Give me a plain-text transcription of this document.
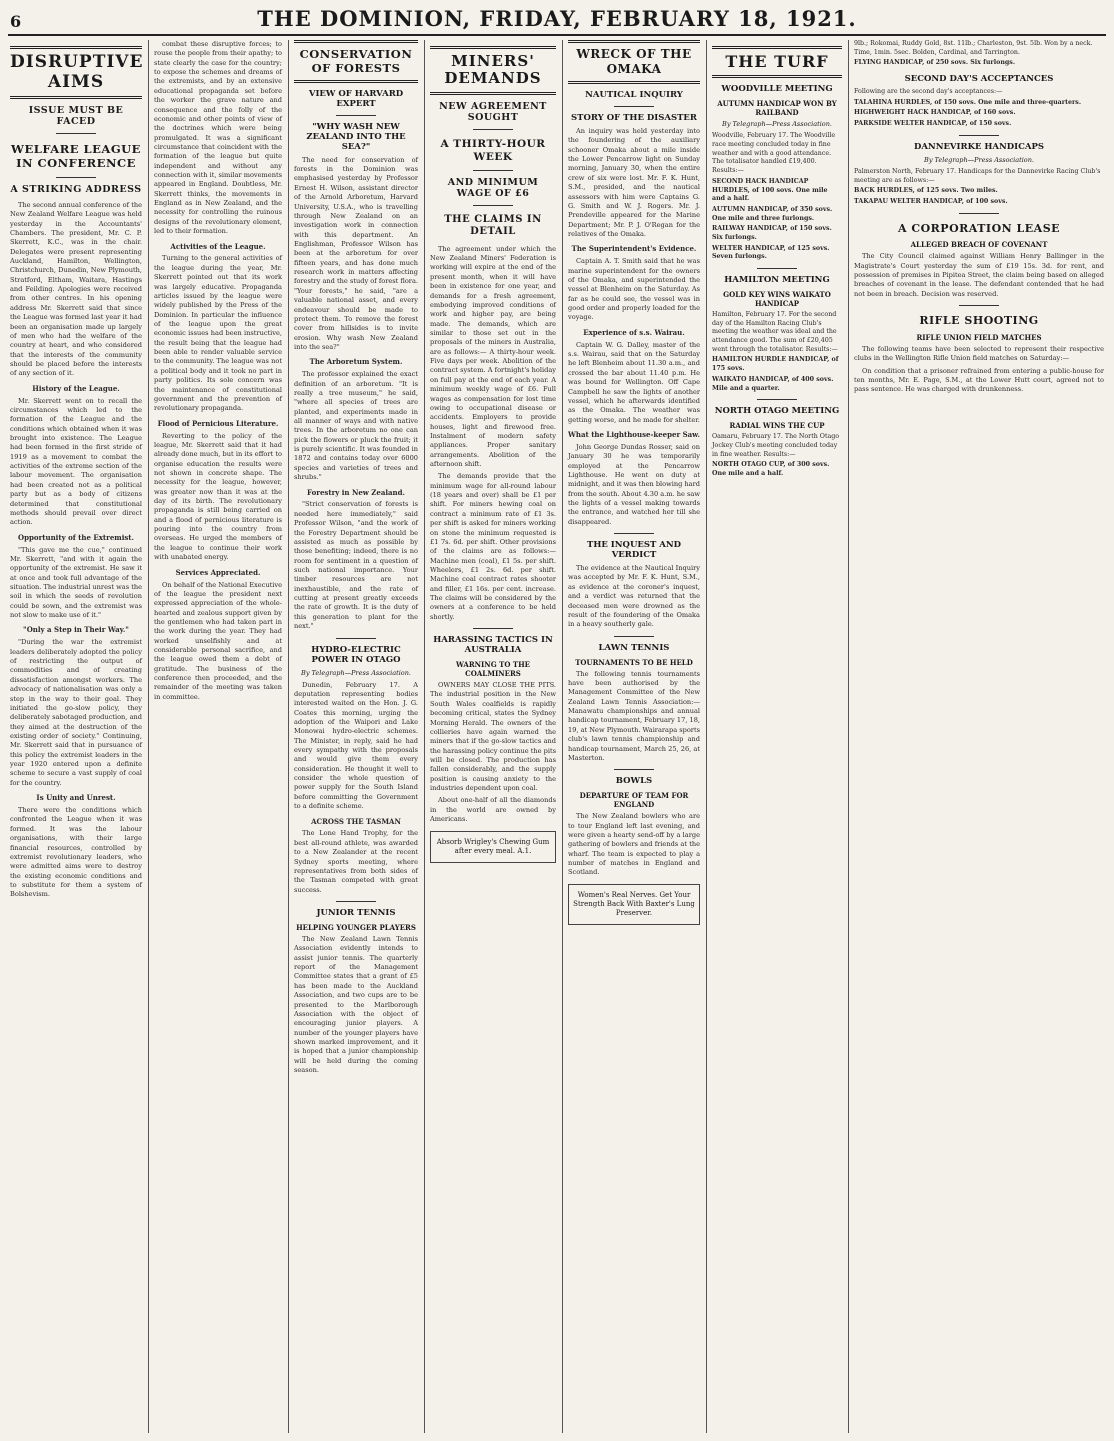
6	THE DOMINION, FRIDAY, FEBRUARY 18, 1921.
DISRUPTIVE AIMS
ISSUE MUST BE FACED
WELFARE LEAGUE IN CONFERENCE
A STRIKING ADDRESS

The second annual conference of the New Zealand Welfare League was held yesterday in the Accountants' Chambers. The president, Mr. C. P. Skerrett, K.C., was in the chair. Delegates were present representing Auckland, Hamilton, Wellington, Christchurch, Dunedin, New Plymouth, Stratford, Eltham, Waitara, Hastings and Feilding. Apologies were received from other centres. In his opening address Mr. Skerrett said that since the League was formed last year it had been an organisation made up largely of men who had the welfare of the country at heart, and who considered that the interests of the community should be placed before the interests of any section of it.

History of the League.

Mr. Skerrett went on to recall the circumstances which led to the formation of the League and the conditions which obtained when it was brought into existence. The League had been formed in the first stride of 1919 as a movement to combat the activities of the extreme section of the labour movement. The organisation had been created not as a political party but as a body of citizens determined that constitutional methods should prevail over direct action.

Opportunity of the Extremist.

"This gave me the cue," continued Mr. Skerrett, "and with it again the opportunity of the extremist. He saw it at once and took full advantage of the situation. The industrial unrest was the soil in which the seeds of revolution could be sown, and the extremist was not slow to make use of it."

"Only a Step in Their Way."

"During the war the extremist leaders deliberately adopted the policy of restricting the output of commodities and of creating dissatisfaction amongst workers. The advocacy of nationalisation was only a step in the way to their goal. They initiated the go-slow policy, they deliberately sabotaged production, and they aimed at the destruction of the existing order of society." Continuing, Mr. Skerrett said that in pursuance of this policy the extremist leaders in the year 1920 entered upon a definite scheme to secure a vast supply of coal for the country.

Is Unity and Unrest.

There were the conditions which confronted the League when it was formed. It was the labour organisations, with their large financial resources, controlled by extremist revolutionary leaders, who were admitted aims were to destroy the existing economic conditions and to substitute for them a system of Bolshevism.

combat these disruptive forces; to rouse the people from their apathy; to state clearly the case for the country; to expose the schemes and dreams of the extremists, and by an extensive educational propaganda set before the worker the grave nature and consequence and the folly of the economic and other points of view of the doctrines which were being promulgated. It was a significant circumstance that coincident with the formation of the league but quite independent and without any connection with it, similar movements appeared in England. Doubtless, Mr. Skerrett thinks, the movements in England as in New Zealand, and the necessity for controlling the ruinous designs of the revolutionary element, led to their formation.

Activities of the League.

Turning to the general activities of the league during the year, Mr. Skerrett pointed out that its work was largely educative. Propaganda articles issued by the league were widely published by the Press of the Dominion. In particular the influence of the league upon the great economic issues had been instructive, the result being that the league had been able to render valuable service to the community. The league was not a political body and it took no part in party politics. Its sole concern was the maintenance of constitutional government and the prevention of revolutionary propaganda.

Flood of Pernicious Literature.

Reverting to the policy of the league, Mr. Skerrett said that it had already done much, but in its effort to organise education the results were not shown in concrete shape. The necessity for the league, however, was greater now than it was at the day of its birth. The revolutionary propaganda is still being carried on and a flood of pernicious literature is pouring into the country from overseas. He urged the members of the league to continue their work with unabated energy.

Services Appreciated.

On behalf of the National Executive of the league the president next expressed appreciation of the whole-hearted and zealous support given by the gentlemen who had taken part in the work during the year. They had worked unselfishly and at considerable personal sacrifice, and the league owed them a debt of gratitude. The business of the conference then proceeded, and the remainder of the meeting was taken in committee.

CONSERVATION OF FORESTS
VIEW OF HARVARD EXPERT
"WHY WASH NEW ZEALAND INTO THE SEA?"

The need for conservation of forests in the Dominion was emphasised yesterday by Professor Ernest H. Wilson, assistant director of the Arnold Arboretum, Harvard University, U.S.A., who is travelling through New Zealand on an investigation work in connection with this department. An Englishman, Professor Wilson has been at the arboretum for over fifteen years, and has done much research work in matters affecting forestry and the study of forest flora. "Your forests," he said, "are a valuable national asset, and every endeavour should be made to protect them. To remove the forest cover from hillsides is to invite erosion. Why wash New Zealand into the sea?"

The Arboretum System.

The professor explained the exact definition of an arboretum. "It is really a tree museum," he said, "where all species of trees are planted, and experiments made in all manner of ways and with native trees. In the arboretum no one can pick the flowers or pluck the fruit; it is purely scientific. It was founded in 1872 and contains today over 6000 species and varieties of trees and shrubs."

Forestry in New Zealand.

"Strict conservation of forests is needed here immediately," said Professor Wilson, "and the work of the Forestry Department should be assisted as much as possible by those benefiting; indeed, there is no room for sentiment in a question of such national importance. Your timber resources are not inexhaustible, and the rate of cutting at present greatly exceeds the rate of growth. It is the duty of this generation to plant for the next."

HYDRO-ELECTRIC POWER IN OTAGO
By Telegraph—Press Association.

Dunedin, February 17. A deputation representing bodies interested waited on the Hon. J. G. Coates this morning, urging the adoption of the Waipori and Lake Monowai hydro-electric schemes. The Minister, in reply, said he had every sympathy with the proposals and would give them every consideration. He thought it well to consider the whole question of power supply for the South Island before committing the Government to a definite scheme.

ACROSS THE TASMAN

The Lone Hand Trophy, for the best all-round athlete, was awarded to a New Zealander at the recent Sydney sports meeting, where representatives from both sides of the Tasman competed with great success.

JUNIOR TENNIS
HELPING YOUNGER PLAYERS

The New Zealand Lawn Tennis Association evidently intends to assist junior tennis. The quarterly report of the Management Committee states that a grant of £5 has been made to the Auckland Association, and two cups are to be presented to the Marlborough Association with the object of encouraging junior players. A number of the younger players have shown marked improvement, and it is hoped that a junior championship will be held during the coming season.

MINERS' DEMANDS
NEW AGREEMENT SOUGHT
A THIRTY-HOUR WEEK
AND MINIMUM WAGE OF £6
THE CLAIMS IN DETAIL

The agreement under which the New Zealand Miners' Federation is working will expire at the end of the present month, when it will have been in existence for one year, and demands for a fresh agreement, embodying improved conditions of work and higher pay, are being made. The demands, which are similar to those set out in the proposals of the miners in Australia, are as follows:— A thirty-hour week. Five days per week. Abolition of the contract system. A fortnight's holiday on full pay at the end of each year. A minimum weekly wage of £6. Full wages as compensation for lost time owing to occupational disease or accidents. Employers to provide houses, light and firewood free. Instalment of modern safety appliances. Proper sanitary arrangements. Abolition of the afternoon shift.

The demands provide that the minimum wage for all-round labour (18 years and over) shall be £1 per shift. For miners hewing coal on contract a minimum rate of £1 3s. per shift is asked for miners working on stone the minimum requested is £1 7s. 6d. per shift. Other provisions of the claims are as follows:— Machine men (coal), £1 5s. per shift. Wheelers, £1 2s. 6d. per shift. Machine coal contract rates shooter and filler, £1 16s. per cent. increase. The claims will be considered by the owners at a conference to be held shortly.

HARASSING TACTICS IN AUSTRALIA
WARNING TO THE COALMINERS

OWNERS MAY CLOSE THE PITS. The industrial position in the New South Wales coalfields is rapidly becoming critical, states the Sydney Morning Herald. The owners of the collieries have again warned the miners that if the go-slow tactics and the harassing policy continue the pits will be closed. The production has fallen considerably, and the supply position is causing anxiety to the industries dependent upon coal.

About one-half of all the diamonds in the world are owned by Americans.

Absorb Wrigley's Chewing Gum after every meal. A.1.
WRECK OF THE OMAKA
NAUTICAL INQUIRY
STORY OF THE DISASTER

An inquiry was held yesterday into the foundering of the auxiliary schooner Omaka about a mile inside the Lower Pencarrow light on Sunday morning, January 30, when the entire crew of six were lost. Mr. F. K. Hunt, S.M., presided, and the nautical assessors with him were Captains G. G. Smith and W. J. Rogers. Mr. J. Prendeville appeared for the Marine Department; Mr. P. J. O'Regan for the relatives of the Omaka.

The Superintendent's Evidence.

Captain A. T. Smith said that he was marine superintendent for the owners of the Omaka, and superintended the vessel at Blenheim on the Saturday. As far as he could see, the vessel was in good order and properly loaded for the voyage.

Experience of s.s. Wairau.

Captain W. G. Dalley, master of the s.s. Wairau, said that on the Saturday he left Blenheim about 11.30 a.m., and crossed the bar about 11.40 p.m. He was bound for Wellington. Off Cape Campbell he saw the lights of another vessel, which he afterwards identified as the Omaka. The weather was getting worse, and he made for shelter.

What the Lighthouse-keeper Saw.

John George Dundas Rosser, said on January 30 he was temporarily employed at the Pencarrow Lighthouse. He went on duty at midnight, and it was then blowing hard from the south. About 4.30 a.m. he saw the lights of a vessel making towards the entrance, and watched her till she disappeared.

THE INQUEST AND VERDICT

The evidence at the Nautical Inquiry was accepted by Mr. F. K. Hunt, S.M., as evidence at the coroner's inquest, and a verdict was returned that the deceased men were drowned as the result of the foundering of the Omaka in a heavy southerly gale.

LAWN TENNIS
TOURNAMENTS TO BE HELD

The following tennis tournaments have been authorised by the Management Committee of the New Zealand Lawn Tennis Association:—Manawatu championships and annual handicap tournament, February 17, 18, 19, at New Plymouth. Wairarapa sports club's lawn tennis championship and handicap tournament, March 25, 26, at Masterton.

BOWLS
DEPARTURE OF TEAM FOR ENGLAND

The New Zealand bowlers who are to tour England left last evening, and were given a hearty send-off by a large gathering of bowlers and friends at the wharf. The team is expected to play a number of matches in England and Scotland.

Women's Real Nerves. Get Your Strength Back With Baxter's Lung Preserver.
THE TURF
WOODVILLE MEETING
AUTUMN HANDICAP WON BY RAILBAND
By Telegraph—Press Association.

Woodville, February 17. The Woodville race meeting concluded today in fine weather and with a good attendance. The totalisator handled £19,400. Results:—

SECOND HACK HANDICAP HURDLES, of 100 sovs. One mile and a half.

AUTUMN HANDICAP, of 350 sovs. One mile and three furlongs.

RAILWAY HANDICAP, of 150 sovs. Six furlongs.

WELTER HANDICAP, of 125 sovs. Seven furlongs.

HAMILTON MEETING
GOLD KEY WINS WAIKATO HANDICAP

Hamilton, February 17. For the second day of the Hamilton Racing Club's meeting the weather was ideal and the attendance good. The sum of £20,405 went through the totalisator. Results:—

HAMILTON HURDLE HANDICAP, of 175 sovs.

WAIKATO HANDICAP, of 400 sovs. Mile and a quarter.

NORTH OTAGO MEETING
RADIAL WINS THE CUP

Oamaru, February 17. The North Otago Jockey Club's meeting concluded today in fine weather. Results:—

NORTH OTAGO CUP, of 300 sovs. One mile and a half.

9lb.; Rokomai, Ruddy Gold, 8st. 11lb.; Charleston, 9st. 5lb. Won by a neck. Time, 1min. 5sec. Bolden, Cardinal, and Tarrington.

FLYING HANDICAP, of 250 sovs. Six furlongs.

SECOND DAY'S ACCEPTANCES

Following are the second day's acceptances:—

TALAHINA HURDLES, of 150 sovs. One mile and three-quarters.

HIGHWEIGHT HACK HANDICAP, of 160 sovs.

PARKSIDE WELTER HANDICAP, of 150 sovs.

DANNEVIRKE HANDICAPS
By Telegraph—Press Association.

Palmerston North, February 17. Handicaps for the Dannevirke Racing Club's meeting are as follows:—

BACK HURDLES, of 125 sovs. Two miles.

TAKAPAU WELTER HANDICAP, of 100 sovs.

A CORPORATION LEASE
ALLEGED BREACH OF COVENANT

The City Council claimed against William Henry Ballinger in the Magistrate's Court yesterday the sum of £19 15s. 3d. for rent, and possession of premises in Pipitea Street, the claim being based on alleged breaches of covenant in the lease. The defendant contended that he had not been in breach. Decision was reserved.

RIFLE SHOOTING
RIFLE UNION FIELD MATCHES

The following teams have been selected to represent their respective clubs in the Wellington Rifle Union field matches on Saturday:—

On condition that a prisoner refrained from entering a public-house for ten months, Mr. E. Page, S.M., at the Lower Hutt court, agreed not to pass sentence. He was charged with drunkenness.
